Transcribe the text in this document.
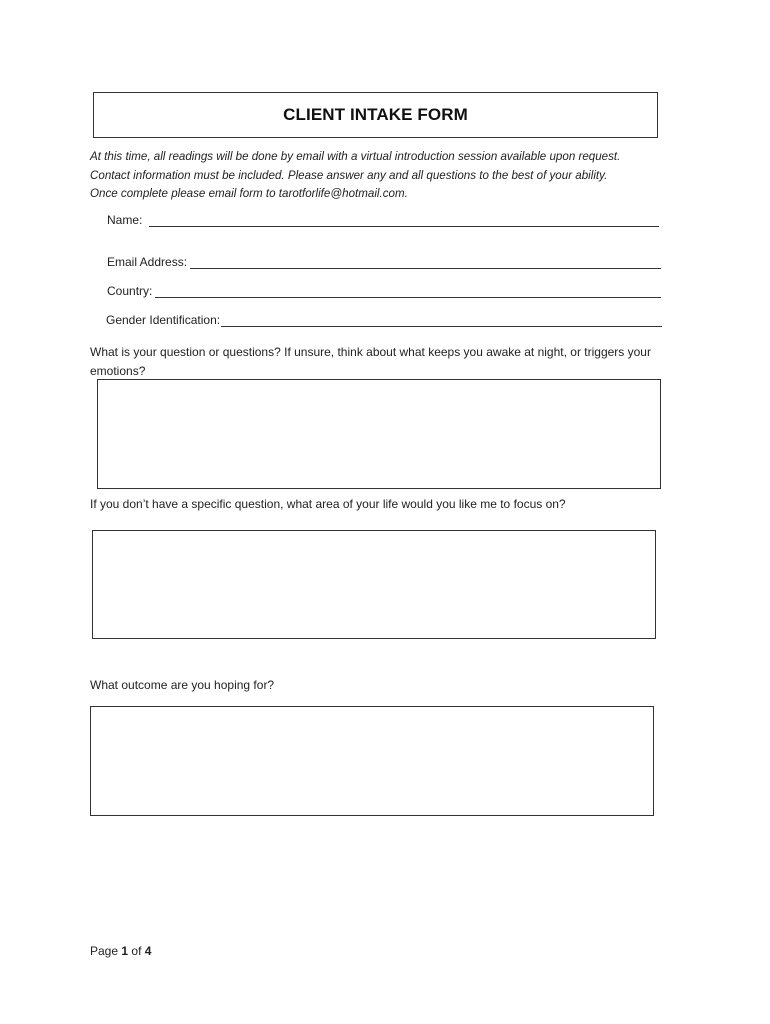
CLIENT INTAKE FORM
At this time, all readings will be done by email with a virtual introduction session available upon request.
Contact information must be included. Please answer any and all questions to the best of your ability.
Once complete please email form to tarotforlife@hotmail.com.
Name:
Email Address:
Country:
Gender Identification:
What is your question or questions? If unsure, think about what keeps you awake at night, or triggers your emotions?
If you don’t have a specific question, what area of your life would you like me to focus on?
What outcome are you hoping for?
Page 1 of 4
